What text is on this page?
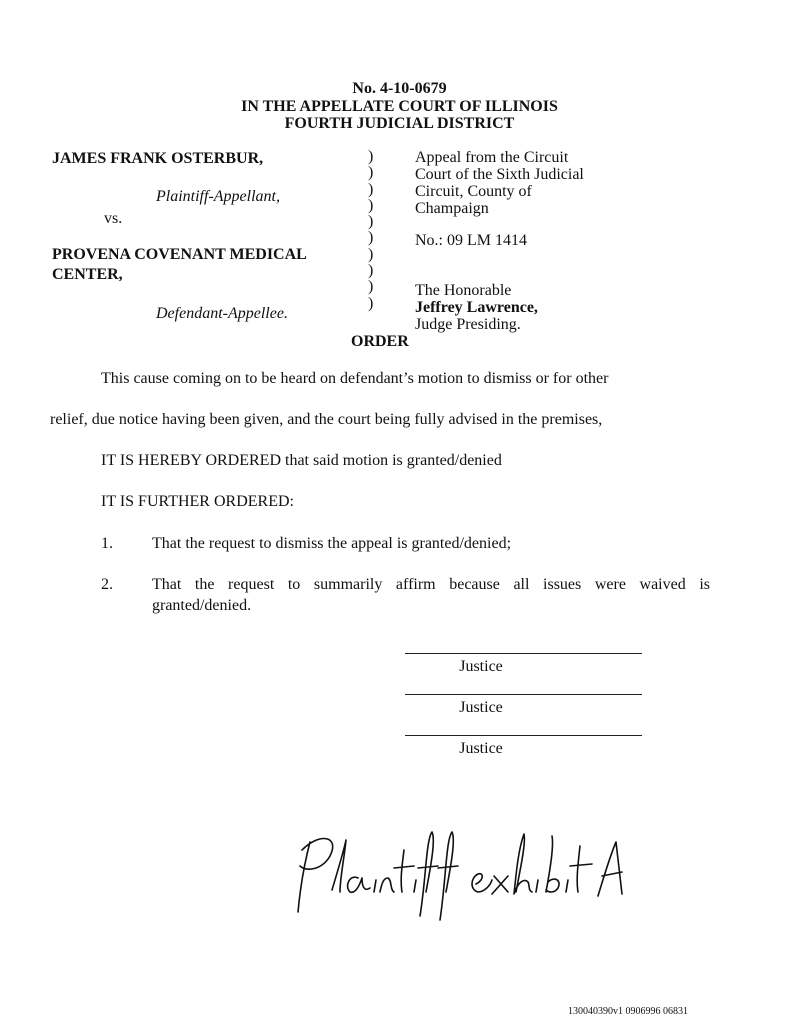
No. 4-10-0679
IN THE APPELLATE COURT OF ILLINOIS
FOURTH JUDICIAL DISTRICT
JAMES FRANK OSTERBUR,
Plaintiff-Appellant,
vs.
PROVENA COVENANT MEDICAL
CENTER,
Defendant-Appellee.
)
)
)
)
)
)
)
)
)
)
Appeal from the Circuit
Court of the Sixth Judicial
Circuit, County of
Champaign
No.: 09 LM 1414
The Honorable
Jeffrey Lawrence,
Judge Presiding.
ORDER
This cause coming on to be heard on defendant’s motion to dismiss or for other
relief, due notice having been given, and the court being fully advised in the premises,
IT IS HEREBY ORDERED that said motion is granted/denied
IT IS FURTHER ORDERED:
1. That the request to dismiss the appeal is granted/denied;
2. That the request to summarily affirm because all issues were waived is
granted/denied.
Justice
Justice
Justice
130040390v1 0906996 06831
